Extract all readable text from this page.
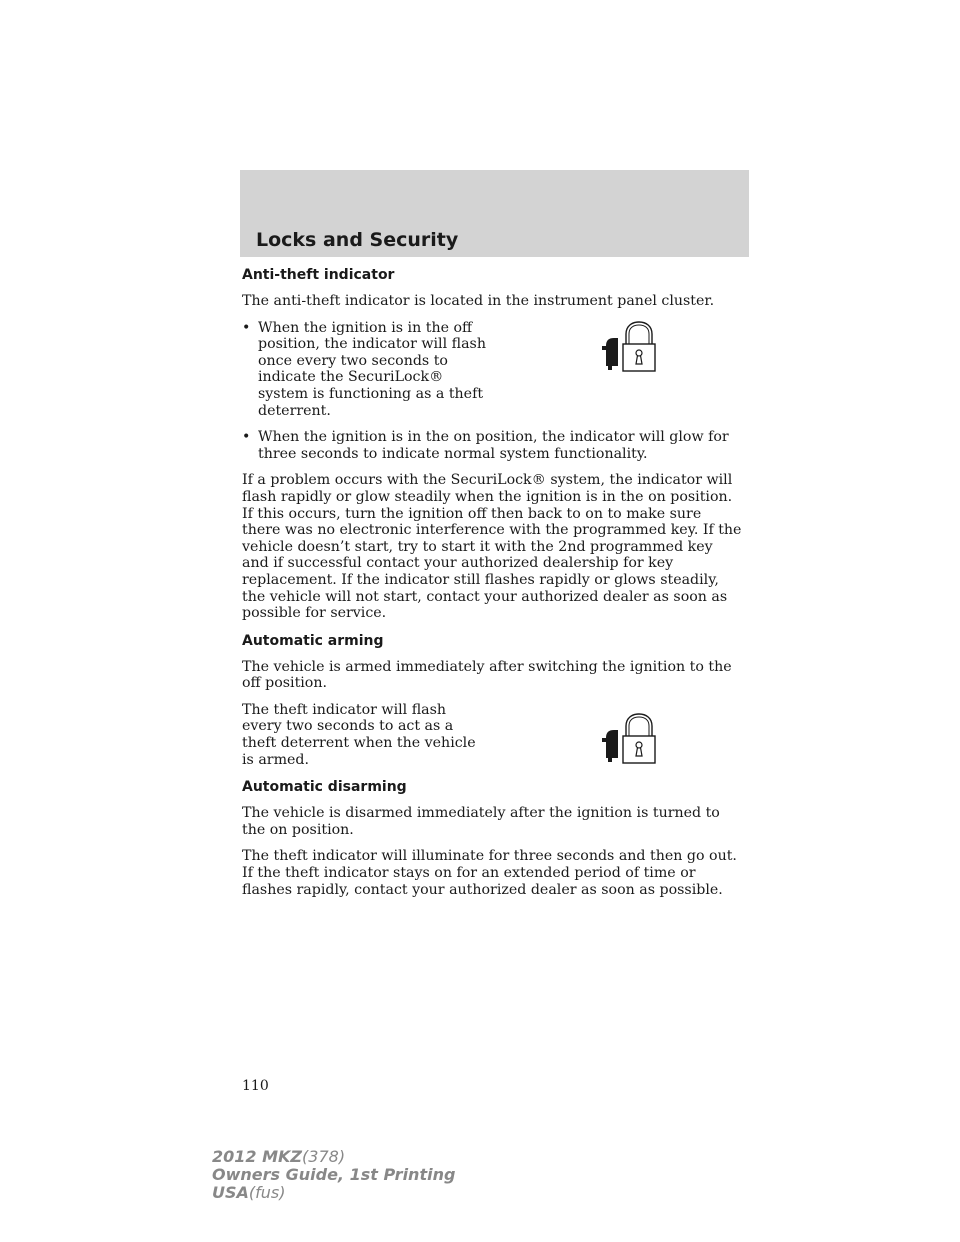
Locks and Security
Anti-theft indicator

The anti-theft indicator is located in the instrument panel cluster.

• When the ignition is in the off position, the indicator will flash once every two seconds to indicate the SecuriLock® system is functioning as a theft deterrent.
• When the ignition is in the on position, the indicator will glow for three seconds to indicate normal system functionality.

If a problem occurs with the SecuriLock® system, the indicator will flash rapidly or glow steadily when the ignition is in the on position. If this occurs, turn the ignition off then back to on to make sure there was no electronic interference with the programmed key. If the vehicle doesn’t start, try to start it with the 2nd programmed key and if successful contact your authorized dealership for key replacement. If the indicator still flashes rapidly or glows steadily, the vehicle will not start, contact your authorized dealer as soon as possible for service.

Automatic arming

The vehicle is armed immediately after switching the ignition to the off position.

The theft indicator will flash every two seconds to act as a theft deterrent when the vehicle is armed.

Automatic disarming

The vehicle is disarmed immediately after the ignition is turned to the on position.

The theft indicator will illuminate for three seconds and then go out. If the theft indicator stays on for an extended period of time or flashes rapidly, contact your authorized dealer as soon as possible.

110
2012 MKZ(378)
Owners Guide, 1st Printing
USA(fus)
